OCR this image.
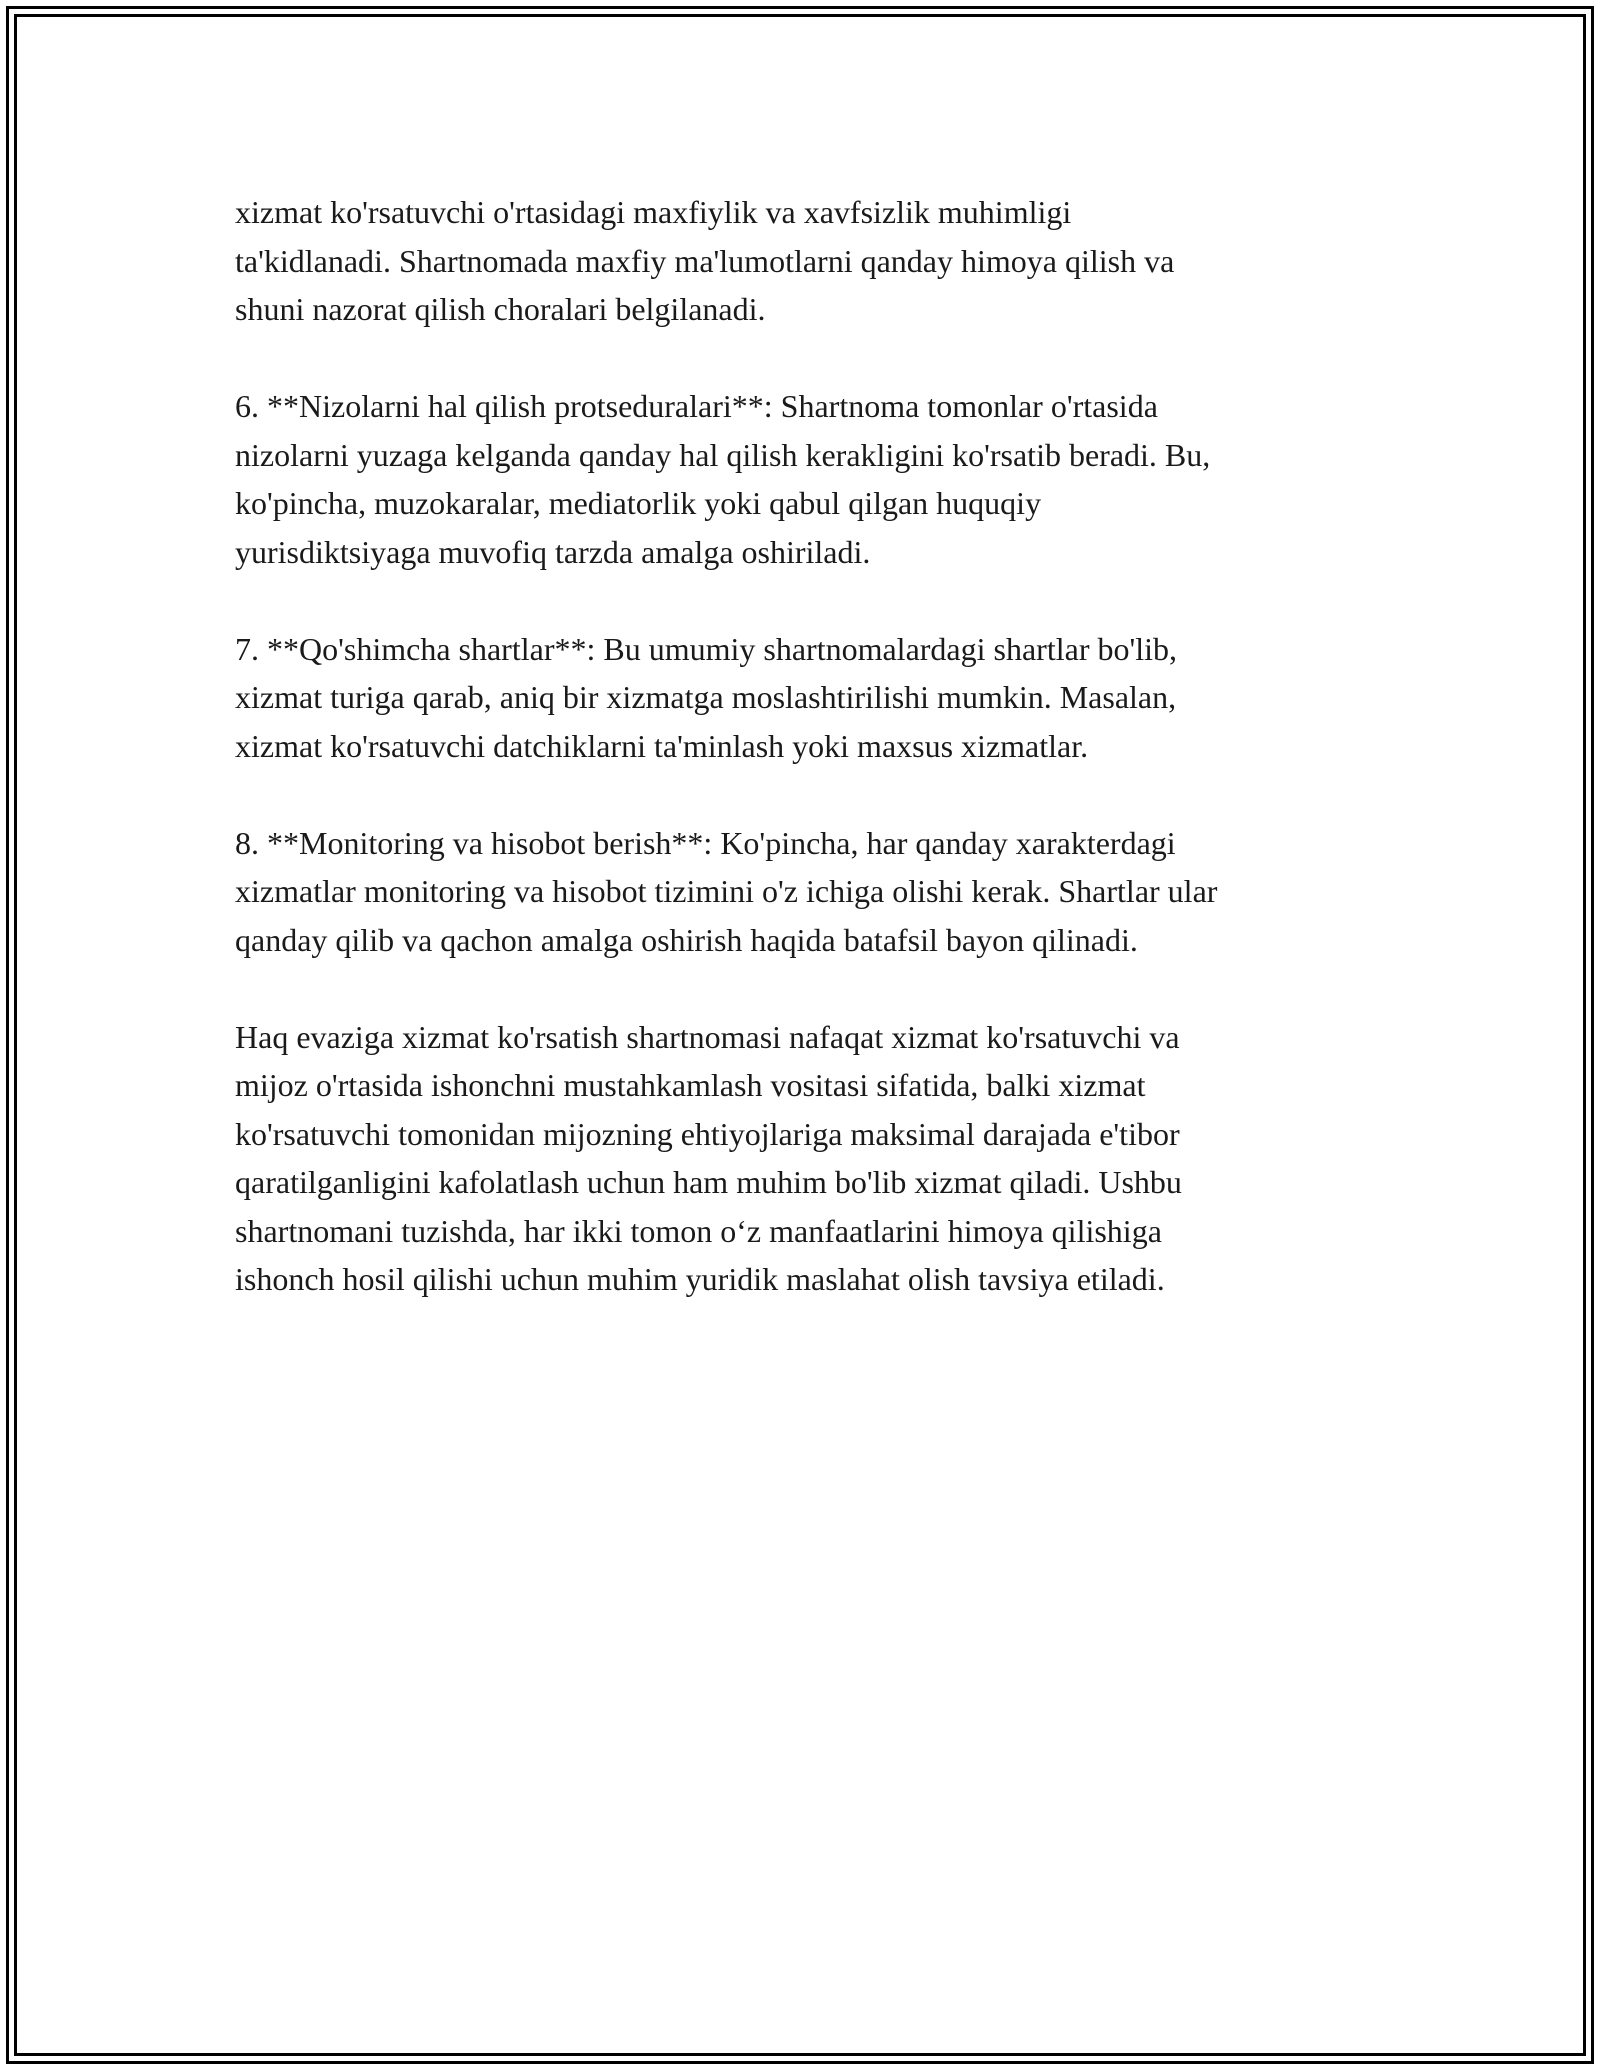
xizmat ko'rsatuvchi o'rtasidagi maxfiylik va xavfsizlik muhimligi
ta'kidlanadi. Shartnomada maxfiy ma'lumotlarni qanday himoya qilish va
shuni nazorat qilish choralari belgilanadi.

6. **Nizolarni hal qilish protseduralari**: Shartnoma tomonlar o'rtasida
nizolarni yuzaga kelganda qanday hal qilish kerakligini ko'rsatib beradi. Bu,
ko'pincha, muzokaralar, mediatorlik yoki qabul qilgan huquqiy
yurisdiktsiyaga muvofiq tarzda amalga oshiriladi.

7. **Qo'shimcha shartlar**: Bu umumiy shartnomalardagi shartlar bo'lib,
xizmat turiga qarab, aniq bir xizmatga moslashtirilishi mumkin. Masalan,
xizmat ko'rsatuvchi datchiklarni ta'minlash yoki maxsus xizmatlar.

8. **Monitoring va hisobot berish**: Ko'pincha, har qanday xarakterdagi
xizmatlar monitoring va hisobot tizimini o'z ichiga olishi kerak. Shartlar ular
qanday qilib va qachon amalga oshirish haqida batafsil bayon qilinadi.

Haq evaziga xizmat ko'rsatish shartnomasi nafaqat xizmat ko'rsatuvchi va
mijoz o'rtasida ishonchni mustahkamlash vositasi sifatida, balki xizmat
ko'rsatuvchi tomonidan mijozning ehtiyojlariga maksimal darajada e'tibor
qaratilganligini kafolatlash uchun ham muhim bo'lib xizmat qiladi. Ushbu
shartnomani tuzishda, har ikki tomon o‘z manfaatlarini himoya qilishiga
ishonch hosil qilishi uchun muhim yuridik maslahat olish tavsiya etiladi.
